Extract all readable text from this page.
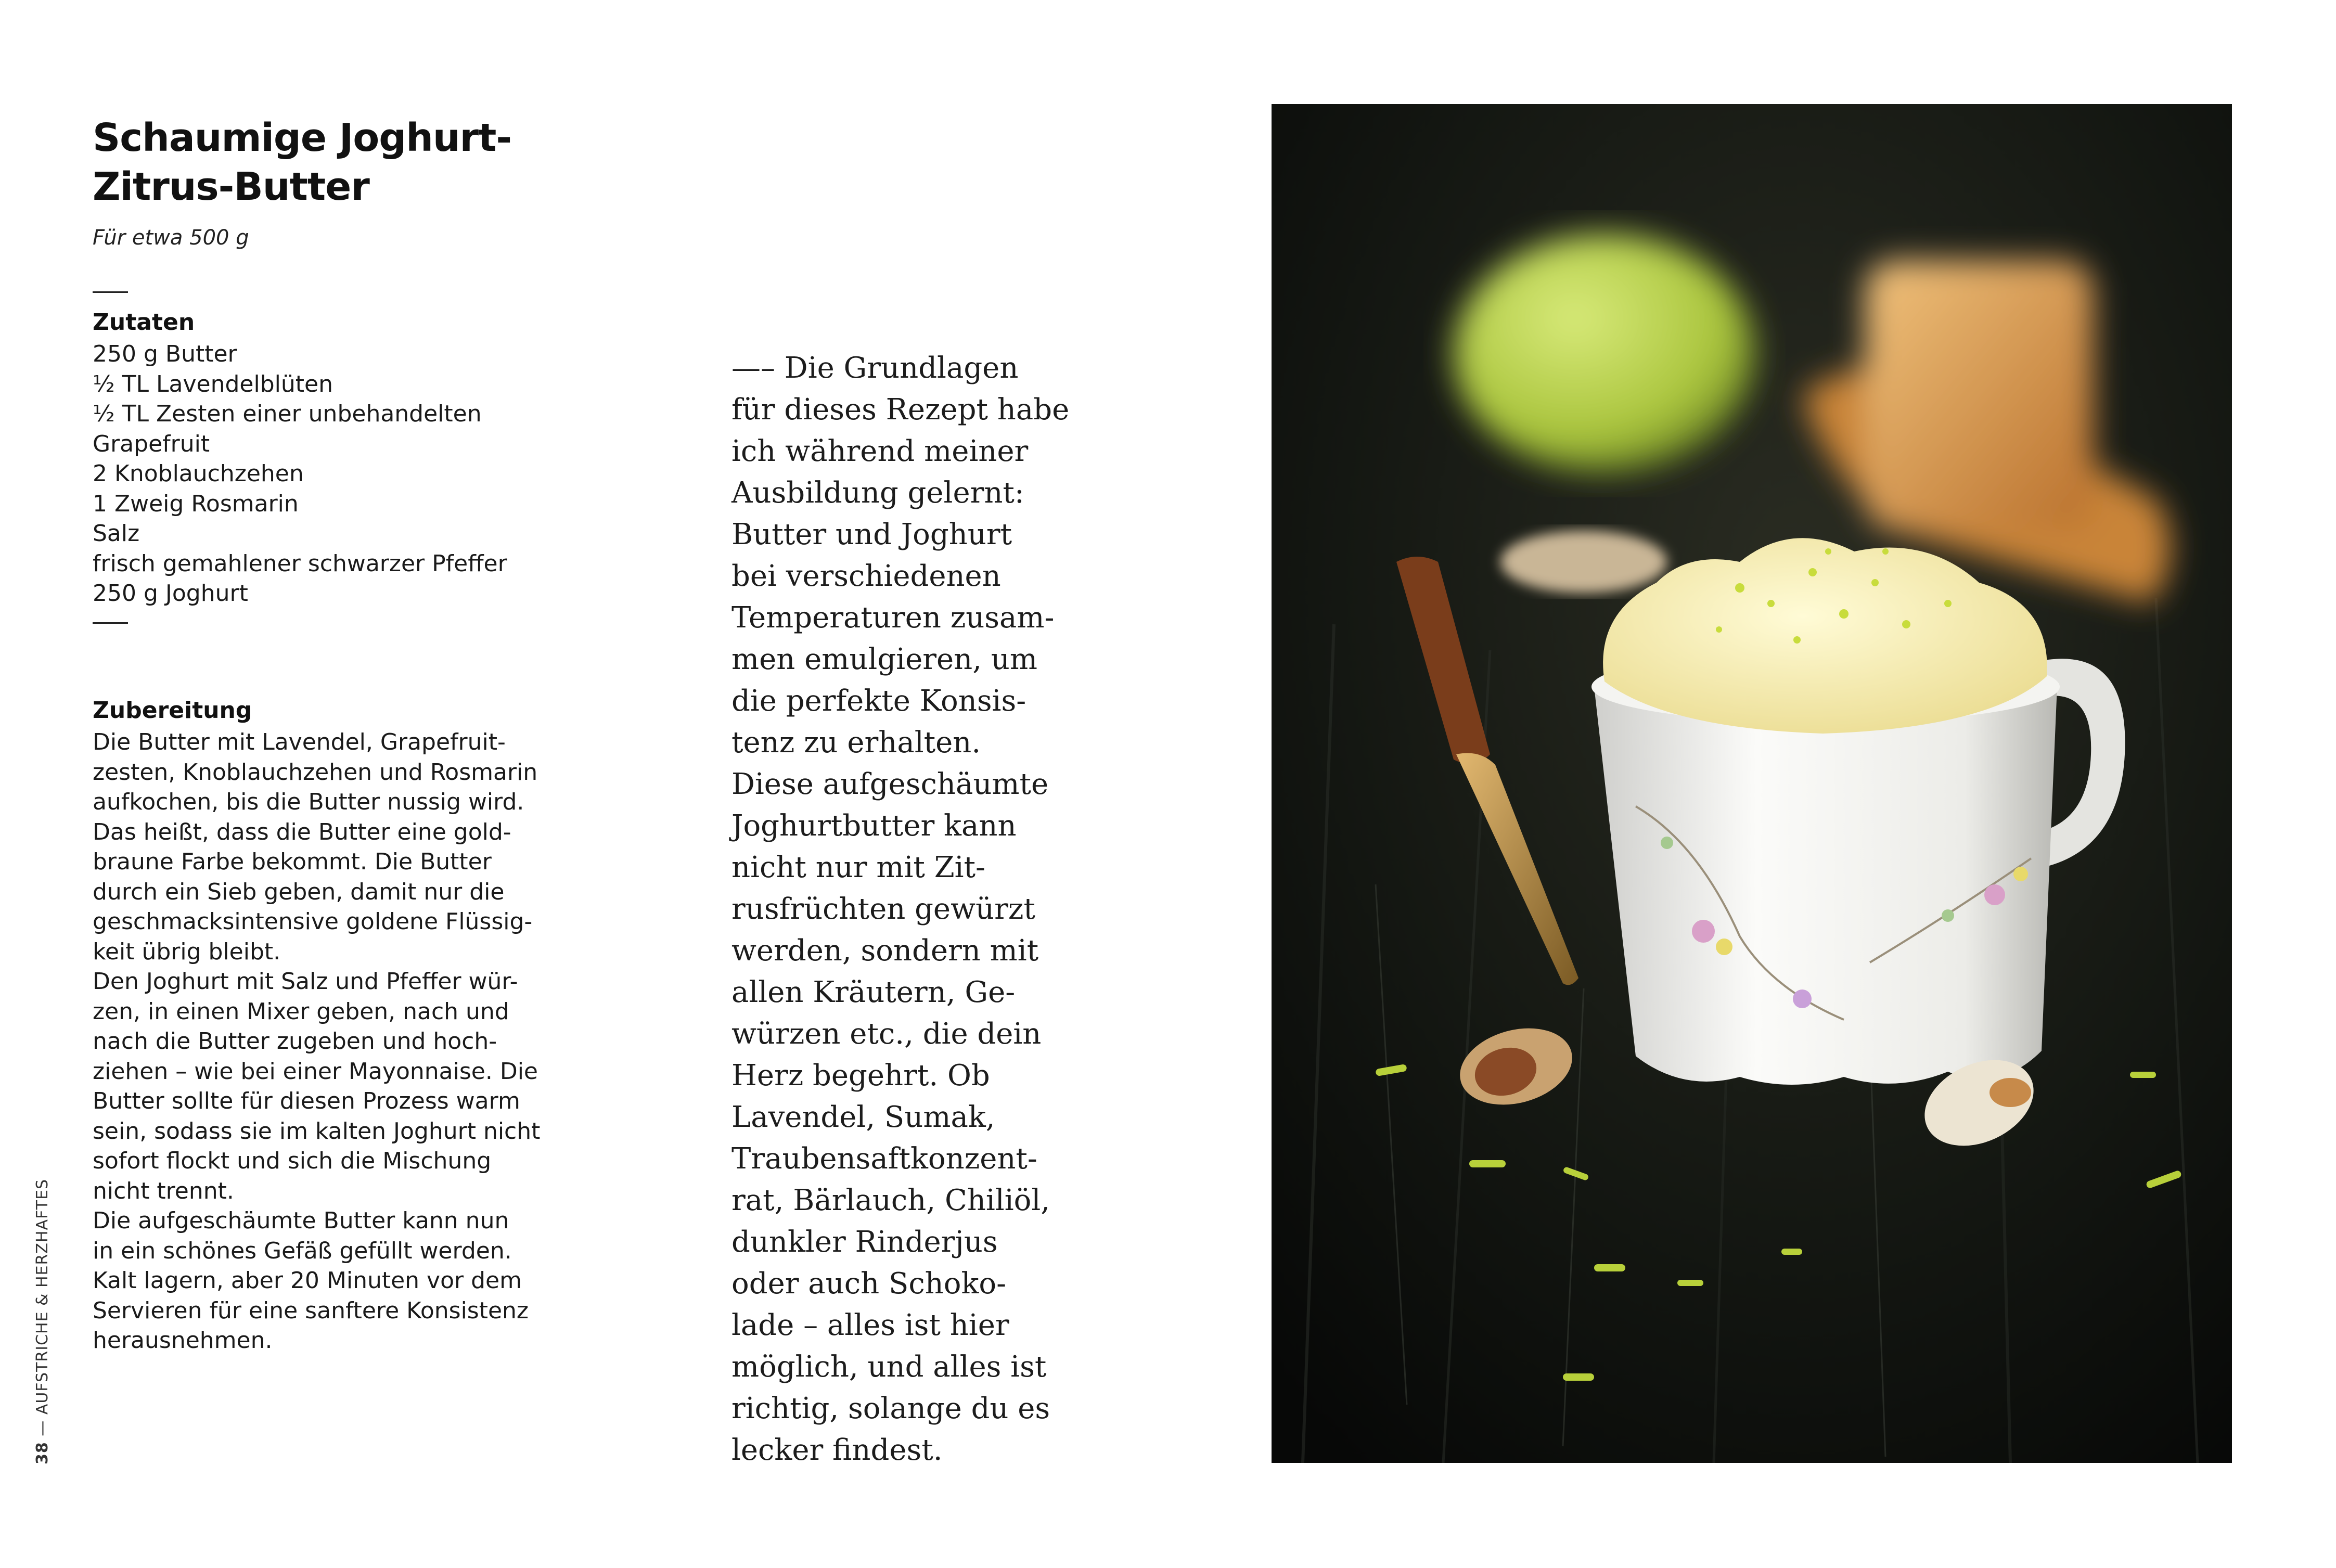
Schaumige Joghurt-
Zitrus-Butter
Für etwa 500 g
Zutaten
250 g Butter
½ TL Lavendelblüten
½ TL Zesten einer unbehandelten
Grapefruit
2 Knoblauchzehen
1 Zweig Rosmarin
Salz
frisch gemahlener schwarzer Pfeffer
250 g Joghurt
Zubereitung
Die Butter mit Lavendel, Grapefruit-
zesten, Knoblauchzehen und Rosmarin
aufkochen, bis die Butter nussig wird.
Das heißt, dass die Butter eine gold-
braune Farbe bekommt. Die Butter
durch ein Sieb geben, damit nur die
geschmacksintensive goldene Flüssig-
keit übrig bleibt.
Den Joghurt mit Salz und Pfeffer wür-
zen, in einen Mixer geben, nach und
nach die Butter zugeben und hoch-
ziehen – wie bei einer Mayonnaise. Die
Butter sollte für diesen Prozess warm
sein, sodass sie im kalten Joghurt nicht
sofort flockt und sich die Mischung
nicht trennt.
Die aufgeschäumte Butter kann nun
in ein schönes Gefäß gefüllt werden.
Kalt lagern, aber 20 Minuten vor dem
Servieren für eine sanftere Konsistenz
herausnehmen.
38 — AUFSTRICHE & HERZHAFTES
—– Die Grundlagen
für dieses Rezept habe
ich während meiner
Ausbildung gelernt:
Butter und Joghurt
bei verschiedenen
Temperaturen zusam-
men emulgieren, um
die perfekte Konsis-
tenz zu erhalten.
Diese aufgeschäumte
Joghurtbutter kann
nicht nur mit Zit-
rusfrüchten gewürzt
werden, sondern mit
allen Kräutern, Ge-
würzen etc., die dein
Herz begehrt. Ob
Lavendel, Sumak,
Traubensaftkonzent-
rat, Bärlauch, Chiliöl,
dunkler Rinderjus
oder auch Schoko-
lade – alles ist hier
möglich, und alles ist
richtig, solange du es
lecker findest.
